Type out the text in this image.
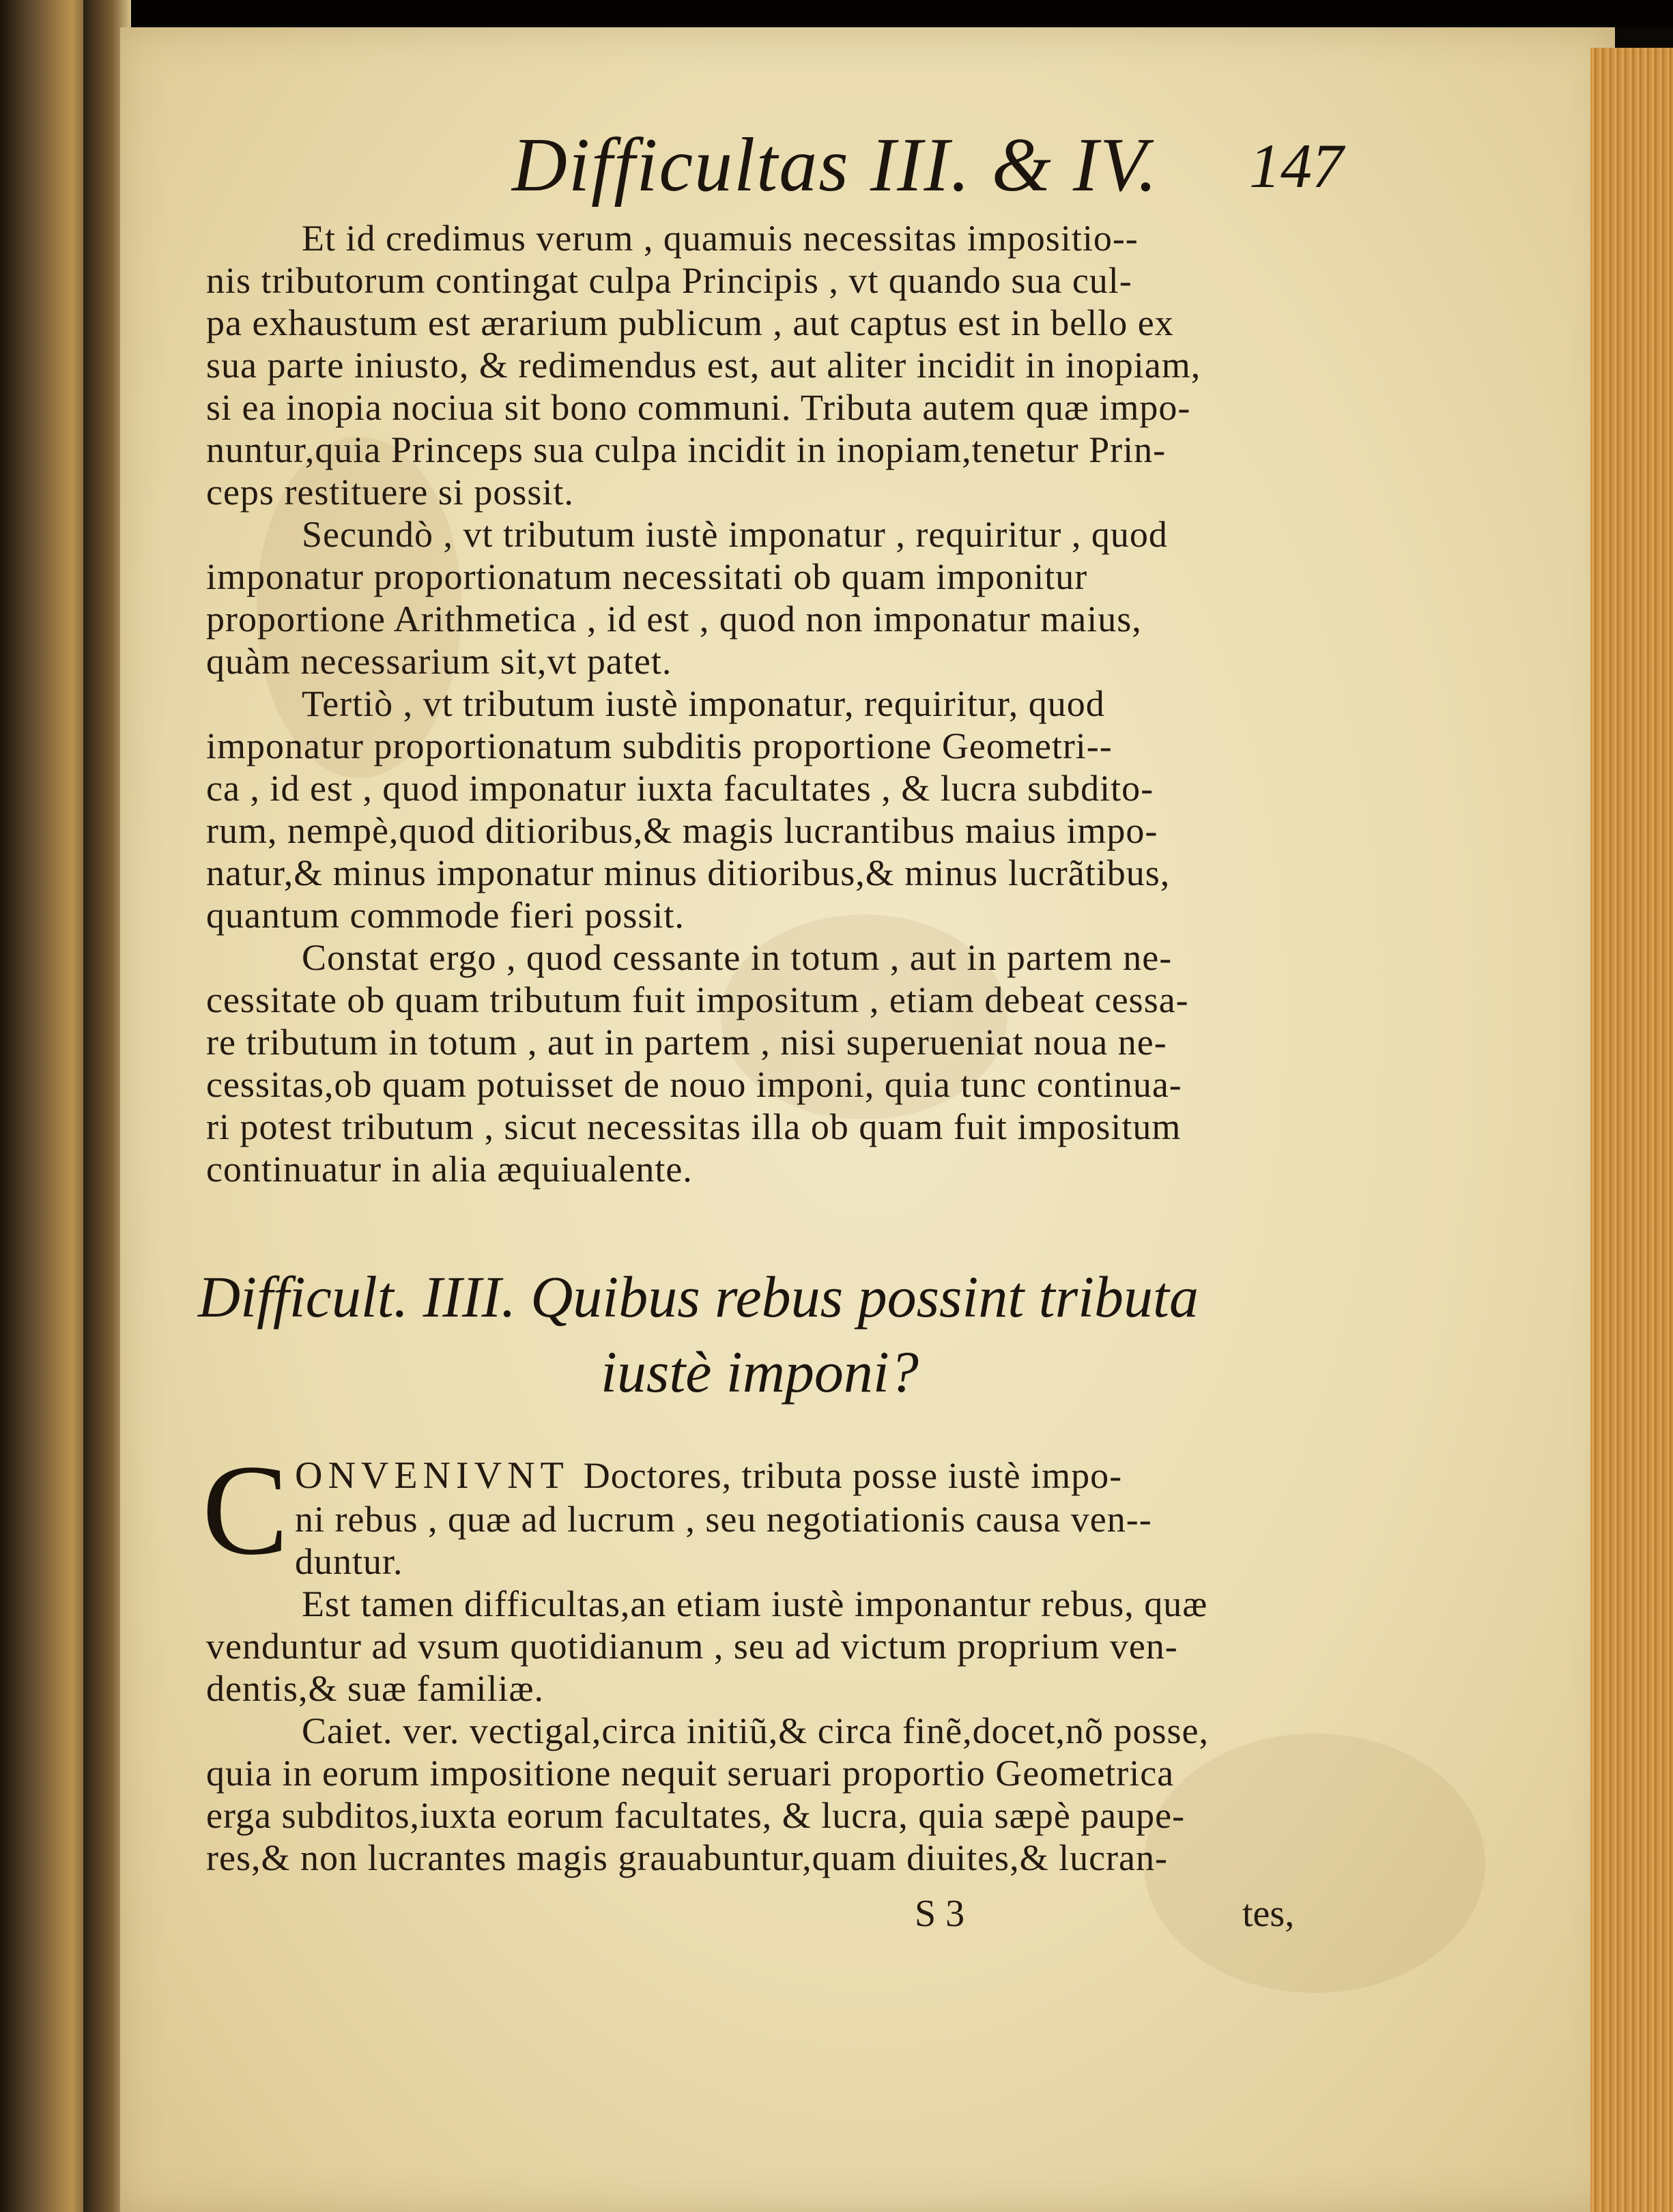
Difficultas III. & IV. 147
Et id credimus verum , quamuis necessitas impositio--
nis tributorum contingat culpa Principis , vt quando sua cul-
pa exhaustum est ærarium publicum , aut captus est in bello ex
sua parte iniusto, & redimendus est, aut aliter incidit in inopiam,
si ea inopia nociua sit bono communi. Tributa autem quæ impo-
nuntur,quia Princeps sua culpa incidit in inopiam,tenetur Prin-
ceps restituere si possit.
Secundò , vt tributum iustè imponatur , requiritur , quod
imponatur proportionatum necessitati ob quam imponitur
proportione Arithmetica , id est , quod non imponatur maius,
quàm necessarium sit,vt patet.
Tertiò , vt tributum iustè imponatur, requiritur, quod
imponatur proportionatum subditis proportione Geometri--
ca , id est , quod imponatur iuxta facultates , & lucra subdito-
rum, nempè,quod ditioribus,& magis lucrantibus maius impo-
natur,& minus imponatur minus ditioribus,& minus lucrãtibus,
quantum commode fieri possit.
Constat ergo , quod cessante in totum , aut in partem ne-
cessitate ob quam tributum fuit impositum , etiam debeat cessa-
re tributum in totum , aut in partem , nisi superueniat noua ne-
cessitas,ob quam potuisset de nouo imponi, quia tunc continua-
ri potest tributum , sicut necessitas illa ob quam fuit impositum
continuatur in alia æquiualente.
Difficult. IIII. Quibus rebus possint tributa
iustè imponi?
C ONVENIVNT Doctores, tributa posse iustè impo-
ni rebus , quæ ad lucrum , seu negotiationis causa ven--
duntur.
Est tamen difficultas,an etiam iustè imponantur rebus, quæ
venduntur ad vsum quotidianum , seu ad victum proprium ven-
dentis,& suæ familiæ.
Caiet. ver. vectigal,circa initiũ,& circa finẽ,docet,nõ posse,
quia in eorum impositione nequit seruari proportio Geometrica
erga subditos,iuxta eorum facultates, & lucra, quia sæpè paupe-
res,& non lucrantes magis grauabuntur,quam diuites,& lucran-
S 3	tes,
